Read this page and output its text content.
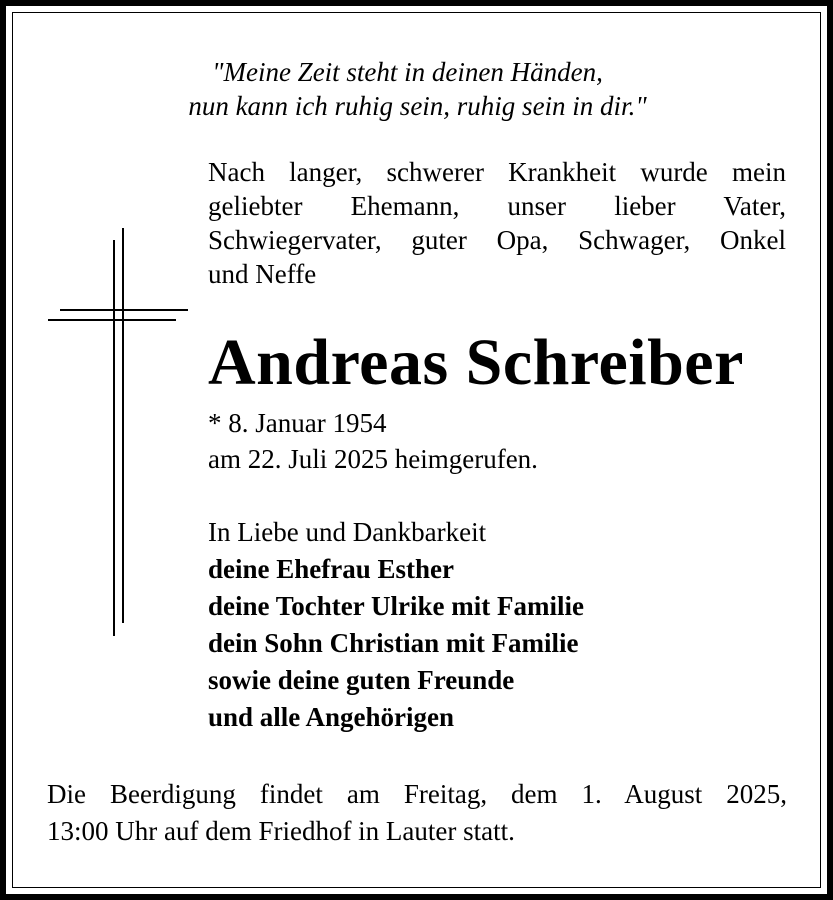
"Meine Zeit steht in deinen Händen,
nun kann ich ruhig sein, ruhig sein in dir."
Nach langer, schwerer Krankheit wurde mein
geliebter Ehemann, unser lieber Vater,
Schwiegervater, guter Opa, Schwager, Onkel
und Neffe
Andreas Schreiber
* 8. Januar 1954
am 22. Juli 2025 heimgerufen.
In Liebe und Dankbarkeit
deine Ehefrau Esther
deine Tochter Ulrike mit Familie
dein Sohn Christian mit Familie
sowie deine guten Freunde
und alle Angehörigen
Die Beerdigung findet am Freitag, dem 1. August 2025,
13:00 Uhr auf dem Friedhof in Lauter statt.
